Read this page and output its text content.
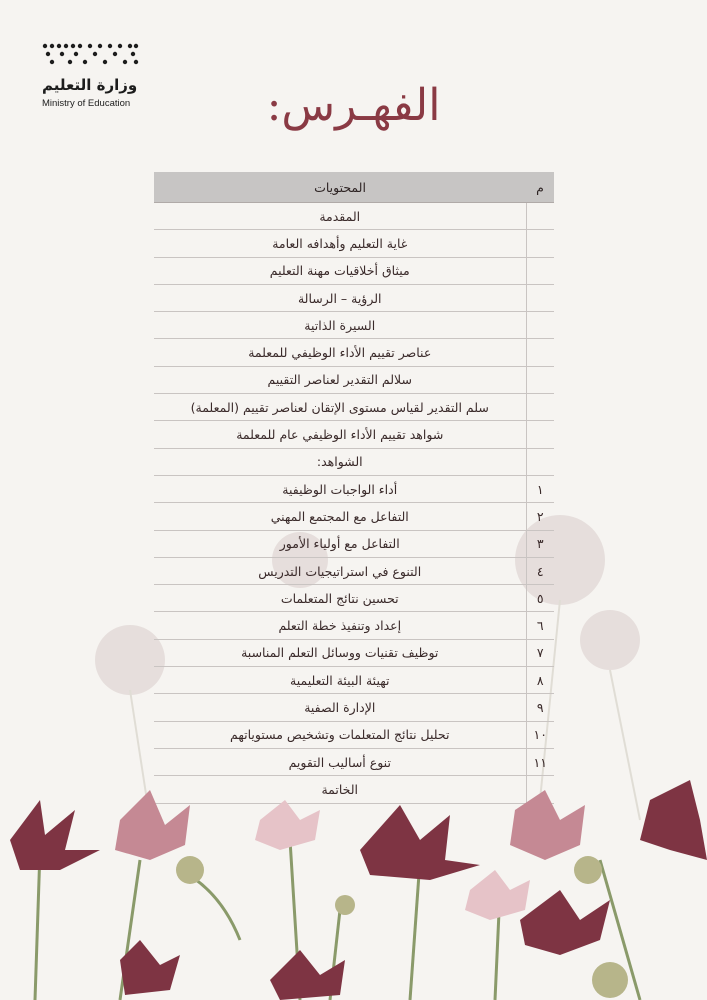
وزارة التعليم
Ministry of Education	الفهـرس:
م	المحتويات
	المقدمة
	غاية التعليم وأهدافه العامة
	ميثاق أخلاقيات مهنة التعليم
	الرؤية – الرسالة
	السيرة الذاتية
	عناصر تقييم الأداء الوظيفي للمعلمة
	سلالم التقدير لعناصر التقييم
	سلم التقدير لقياس مستوى الإتقان لعناصر تقييم (المعلمة)
	شواهد تقييم الأداء الوظيفي عام للمعلمة
	الشواهد:
١	أداء الواجبات الوظيفية
٢	التفاعل مع المجتمع المهني
٣	التفاعل مع أولياء الأمور
٤	التنوع في استراتيجيات التدريس
٥	تحسين نتائج المتعلمات
٦	إعداد وتنفيذ خطة التعلم
٧	توظيف تقنيات ووسائل التعلم المناسبة
٨	تهيئة البيئة التعليمية
٩	الإدارة الصفية
١٠	تحليل نتائج المتعلمات وتشخيص مستوياتهم
١١	تنوع أساليب التقويم
	الخاتمة
